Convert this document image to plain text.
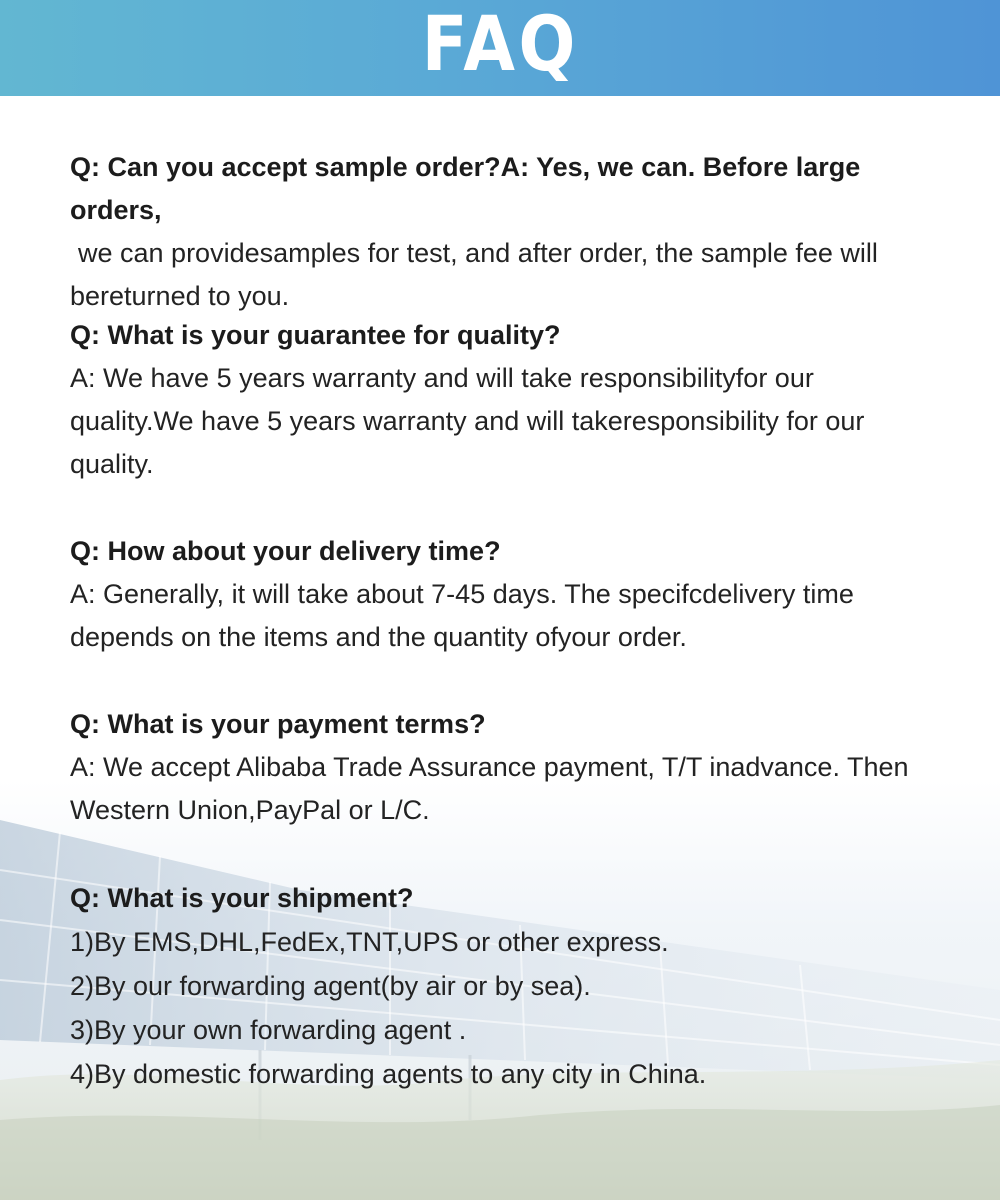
FAQ

Q: Can you accept sample order?A: Yes, we can. Before large orders,

we can providesamples for test, and after order, the sample fee will

bereturned to you.

Q: What is your guarantee for quality?

A: We have 5 years warranty and will take responsibilityfor our

quality.We have 5 years warranty and will takeresponsibility for our

quality.

Q: How about your delivery time?

A: Generally, it will take about 7-45 days. The specifcdelivery time

depends on the items and the quantity ofyour order.

Q: What is your payment terms?

A: We accept Alibaba Trade Assurance payment, T/T inadvance. Then

Western Union,PayPal or L/C.

Q: What is your shipment?

1)By EMS,DHL,FedEx,TNT,UPS or other express.

2)By our forwarding agent(by air or by sea).

3)By your own forwarding agent .

4)By domestic forwarding agents to any city in China.
